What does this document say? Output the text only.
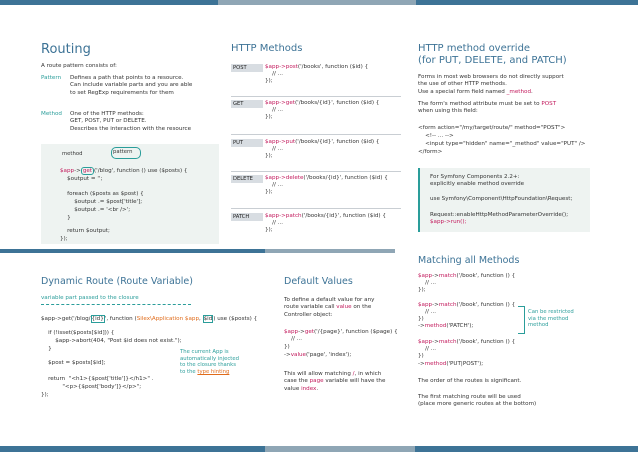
Routing
A route pattern consists of:
Pattern Defines a path that points to a resource.
Can include variable parts and you are able
to set RegExp requirements for them
Method One of the HTTP methods:
GET, POST, PUT or DELETE.
Describes the interaction with the resource
method	pattern
$app-> get ('/blog', function () use ($posts) {
$output = '';
foreach ($posts as $post) {
$output .= $post['title'];
$output .= '<br />';
}
return $output;
});
HTTP Methods
POST	$app->post('/books', function ($id) {
// ...
});
GET	$app->get('/books/{id}', function ($id) {
// ...
});
PUT	$app->put('/books/{id}', function ($id) {
// ...
});
DELETE	$app->delete('/books/{id}', function ($id) {
// ...
});
PATCH	$app->patch('/books/{id}', function ($id) {
// ...
});
HTTP method override
(for PUT, DELETE, and PATCH)
Forms in most web browsers do not directly support
the use of other HTTP methods.
Use a special form field named _method.
The form's method attribute must be set to POST
when using this field:
<form action="/my/target/route/" method="POST">
<!-- ... -->
<input type="hidden" name="_method" value="PUT" />
</form>
For Symfony Components 2.2+:
explicitly enable method override
use Symfony\Component\HttpFoundation\Request;
Request::enableHttpMethodParameterOverride();
$app->run();
Dynamic Route (Route Variable)
variable part passed to the closure
$app->get('/blog/{id}', function (Silex\Application $app, $id) use ($posts) {
if (!isset($posts[$id])) {
$app->abort(404, "Post $id does not exist.");
}
$post = $posts[$id];
return  "<h1>{$post['title']}</h1>" .
"<p>{$post['body']}</p>";
});
The current App is
automatically injected
to the closure thanks
to the type hinting
Default Values
To define a default value for any
route variable call value on the
Controller object:
$app->get('/{page}', function ($page) {
// ...
})
->value('page', 'index');
This will allow matching /, in which
case the page variable will have the
value index.
Matching all Methods
$app->match('/book', function () {
// ...
});
$app->match('/book', function () {
// ...
})
->method('PATCH');
$app->match('/book', function () {
// ...
})
->method('PUT|POST');
Can be restricted
via the method
method
The order of the routes is significant.
The first matching route will be used
(place more generic routes at the bottom)
